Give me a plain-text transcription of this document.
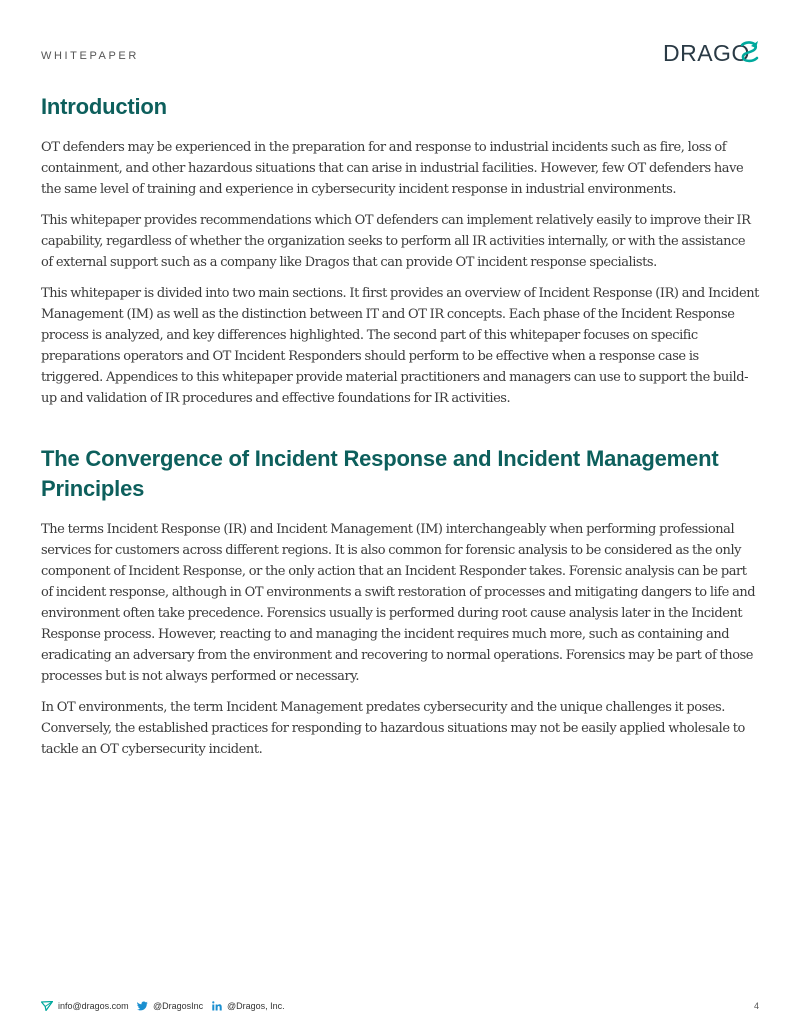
WHITEPAPER	DRAGO
Introduction

OT defenders may be experienced in the preparation for and response to industrial incidents such as fire, loss of containment, and other hazardous situations that can arise in industrial facilities. However, few OT defenders have the same level of training and experience in cybersecurity incident response in industrial environments.

This whitepaper provides recommendations which OT defenders can implement relatively easily to improve their IR capability, regardless of whether the organization seeks to perform all IR activities internally, or with the assistance of external support such as a company like Dragos that can provide OT incident response specialists.

This whitepaper is divided into two main sections. It first provides an overview of Incident Response (IR) and Incident Management (IM) as well as the distinction between IT and OT IR concepts. Each phase of the Incident Response process is analyzed, and key differences highlighted. The second part of this whitepaper focuses on specific preparations operators and OT Incident Responders should perform to be effective when a response case is triggered. Appendices to this whitepaper provide material practitioners and managers can use to support the build-up and validation of IR procedures and effective foundations for IR activities.

The Convergence of Incident Response and Incident Management Principles

The terms Incident Response (IR) and Incident Management (IM) interchangeably when performing professional services for customers across different regions. It is also common for forensic analysis to be considered as the only component of Incident Response, or the only action that an Incident Responder takes. Forensic analysis can be part of incident response, although in OT environments a swift restoration of processes and mitigating dangers to life and environment often take precedence. Forensics usually is performed during root cause analysis later in the Incident Response process. However, reacting to and managing the incident requires much more, such as containing and eradicating an adversary from the environment and recovering to normal operations. Forensics may be part of those processes but is not always performed or necessary.

In OT environments, the term Incident Management predates cybersecurity and the unique challenges it poses. Conversely, the established practices for responding to hazardous situations may not be easily applied wholesale to tackle an OT cybersecurity incident.

info@dragos.com	@DragosInc	@Dragos, Inc.	4
